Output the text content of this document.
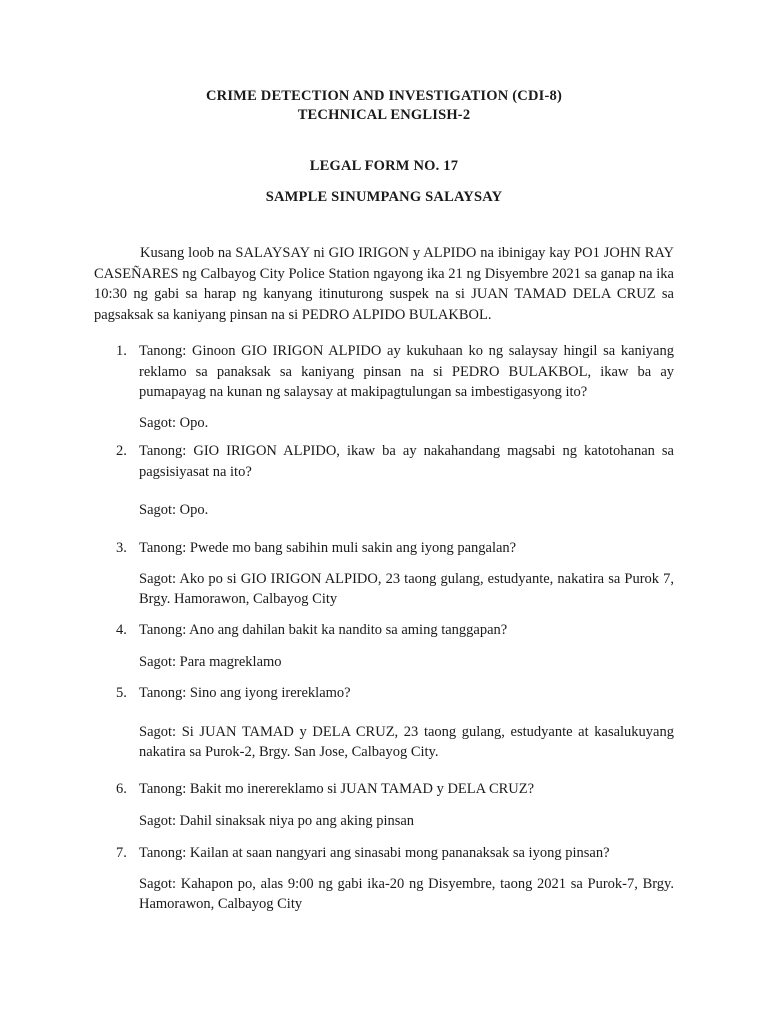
CRIME DETECTION AND INVESTIGATION (CDI-8)
TECHNICAL ENGLISH-2
LEGAL FORM NO. 17
SAMPLE SINUMPANG SALAYSAY
Kusang loob na SALAYSAY ni GIO IRIGON y ALPIDO na ibinigay kay PO1 JOHN RAY CASEÑARES ng Calbayog City Police Station ngayong ika 21 ng Disyembre 2021 sa ganap na ika 10:30 ng gabi sa harap ng kanyang itinuturong suspek na si JUAN TAMAD DELA CRUZ sa pagsaksak sa kaniyang pinsan na si PEDRO ALPIDO BULAKBOL.
1. Tanong: Ginoon GIO IRIGON ALPIDO ay kukuhaan ko ng salaysay hingil sa kaniyang reklamo sa panaksak sa kaniyang pinsan na si PEDRO BULAKBOL, ikaw ba ay pumapayag na kunan ng salaysay at makipagtulungan sa imbestigasyong ito?
Sagot: Opo.
2. Tanong: GIO IRIGON ALPIDO, ikaw ba ay nakahandang magsabi ng katotohanan sa pagsisiyasat na ito?
Sagot: Opo.
3. Tanong: Pwede mo bang sabihin muli sakin ang iyong pangalan?
Sagot: Ako po si GIO IRIGON ALPIDO, 23 taong gulang, estudyante, nakatira sa Purok 7, Brgy. Hamorawon, Calbayog City
4. Tanong: Ano ang dahilan bakit ka nandito sa aming tanggapan?
Sagot: Para magreklamo
5. Tanong: Sino ang iyong irereklamo?
Sagot: Si JUAN TAMAD y DELA CRUZ, 23 taong gulang, estudyante at kasalukuyang nakatira sa Purok-2, Brgy. San Jose, Calbayog City.
6. Tanong: Bakit mo inerereklamo si JUAN TAMAD y DELA CRUZ?
Sagot: Dahil sinaksak niya po ang aking pinsan
7. Tanong: Kailan at saan nangyari ang sinasabi mong pananaksak sa iyong pinsan?
Sagot: Kahapon po, alas 9:00 ng gabi ika-20 ng Disyembre, taong 2021 sa Purok-7, Brgy. Hamorawon, Calbayog City
